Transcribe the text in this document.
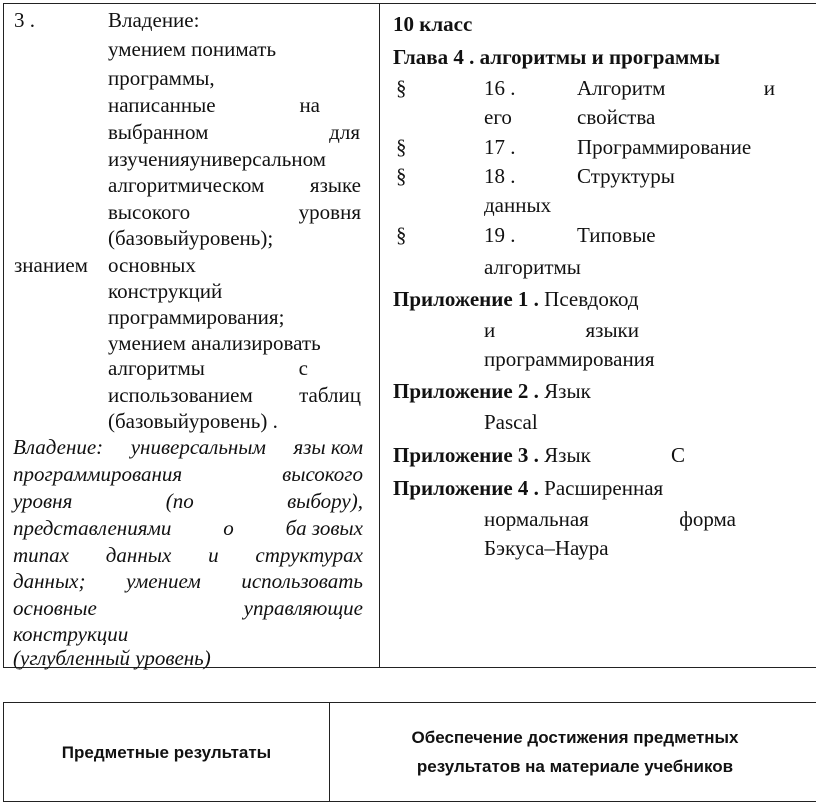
3 .	Владение:
умением понимать
программы,
написанные	на
выбранном	для
изученияуниверсальном
алгоритмическом языке
высокого	уровня
(базовыйуровень);
знанием основных
конструкций
программирования;
умением анализировать
алгоритмы	с
использованием таблиц
(базовыйуровень) .
Владение: универсальным язы ком
программирования	высокого
уровня	(по	выбору),
представлениями о ба зовых
типах данных и структурах
данных; умением использовать
основные	управляющие
конструкции
(углубленный уровень)

10 класс
Глава 4 . алгоритмы и программы
§	16 .	Алгоритм	и
его	свойства
§	17 .	Программирование
§	18 .	Структуры
данных
§	19 .	Типовые
алгоритмы
Приложение 1 . Псевдокод
и	языки
программирования
Приложение 2 . Язык
Pascal
Приложение 3 . Язык	C
Приложение 4 . Расширенная
нормальная	форма
Бэкуса–Наура
Предметные результаты	
Обеспечение достижения предметных
результатов на материале учебников
